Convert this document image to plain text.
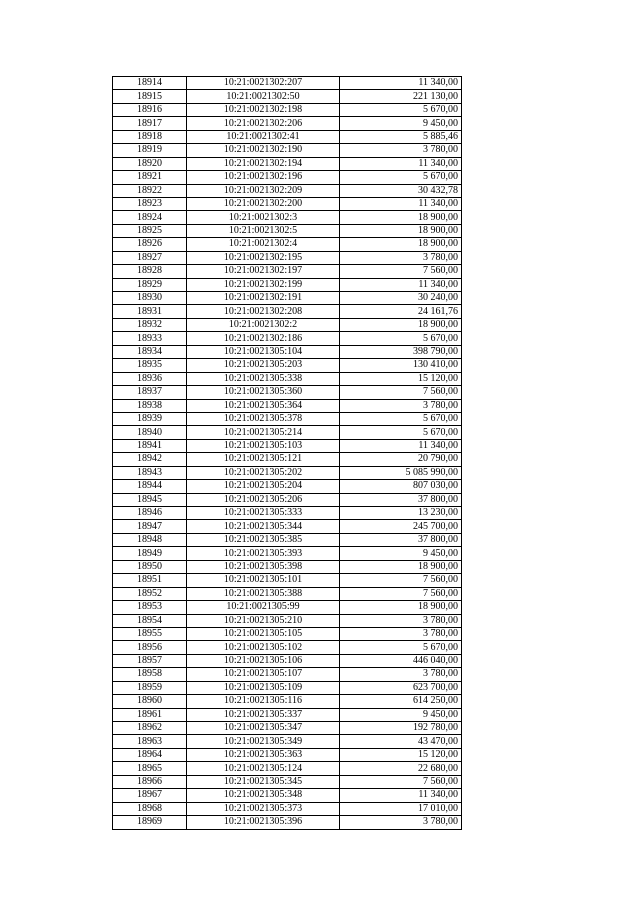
18914	10:21:0021302:207	11 340,00
18915	10:21:0021302:50	221 130,00
18916	10:21:0021302:198	5 670,00
18917	10:21:0021302:206	9 450,00
18918	10:21:0021302:41	5 885,46
18919	10:21:0021302:190	3 780,00
18920	10:21:0021302:194	11 340,00
18921	10:21:0021302:196	5 670,00
18922	10:21:0021302:209	30 432,78
18923	10:21:0021302:200	11 340,00
18924	10:21:0021302:3	18 900,00
18925	10:21:0021302:5	18 900,00
18926	10:21:0021302:4	18 900,00
18927	10:21:0021302:195	3 780,00
18928	10:21:0021302:197	7 560,00
18929	10:21:0021302:199	11 340,00
18930	10:21:0021302:191	30 240,00
18931	10:21:0021302:208	24 161,76
18932	10:21:0021302:2	18 900,00
18933	10:21:0021302:186	5 670,00
18934	10:21:0021305:104	398 790,00
18935	10:21:0021305:203	130 410,00
18936	10:21:0021305:338	15 120,00
18937	10:21:0021305:360	7 560,00
18938	10:21:0021305:364	3 780,00
18939	10:21:0021305:378	5 670,00
18940	10:21:0021305:214	5 670,00
18941	10:21:0021305:103	11 340,00
18942	10:21:0021305:121	20 790,00
18943	10:21:0021305:202	5 085 990,00
18944	10:21:0021305:204	807 030,00
18945	10:21:0021305:206	37 800,00
18946	10:21:0021305:333	13 230,00
18947	10:21:0021305:344	245 700,00
18948	10:21:0021305:385	37 800,00
18949	10:21:0021305:393	9 450,00
18950	10:21:0021305:398	18 900,00
18951	10:21:0021305:101	7 560,00
18952	10:21:0021305:388	7 560,00
18953	10:21:0021305:99	18 900,00
18954	10:21:0021305:210	3 780,00
18955	10:21:0021305:105	3 780,00
18956	10:21:0021305:102	5 670,00
18957	10:21:0021305:106	446 040,00
18958	10:21:0021305:107	3 780,00
18959	10:21:0021305:109	623 700,00
18960	10:21:0021305:116	614 250,00
18961	10:21:0021305:337	9 450,00
18962	10:21:0021305:347	192 780,00
18963	10:21:0021305:349	43 470,00
18964	10:21:0021305:363	15 120,00
18965	10:21:0021305:124	22 680,00
18966	10:21:0021305:345	7 560,00
18967	10:21:0021305:348	11 340,00
18968	10:21:0021305:373	17 010,00
18969	10:21:0021305:396	3 780,00
